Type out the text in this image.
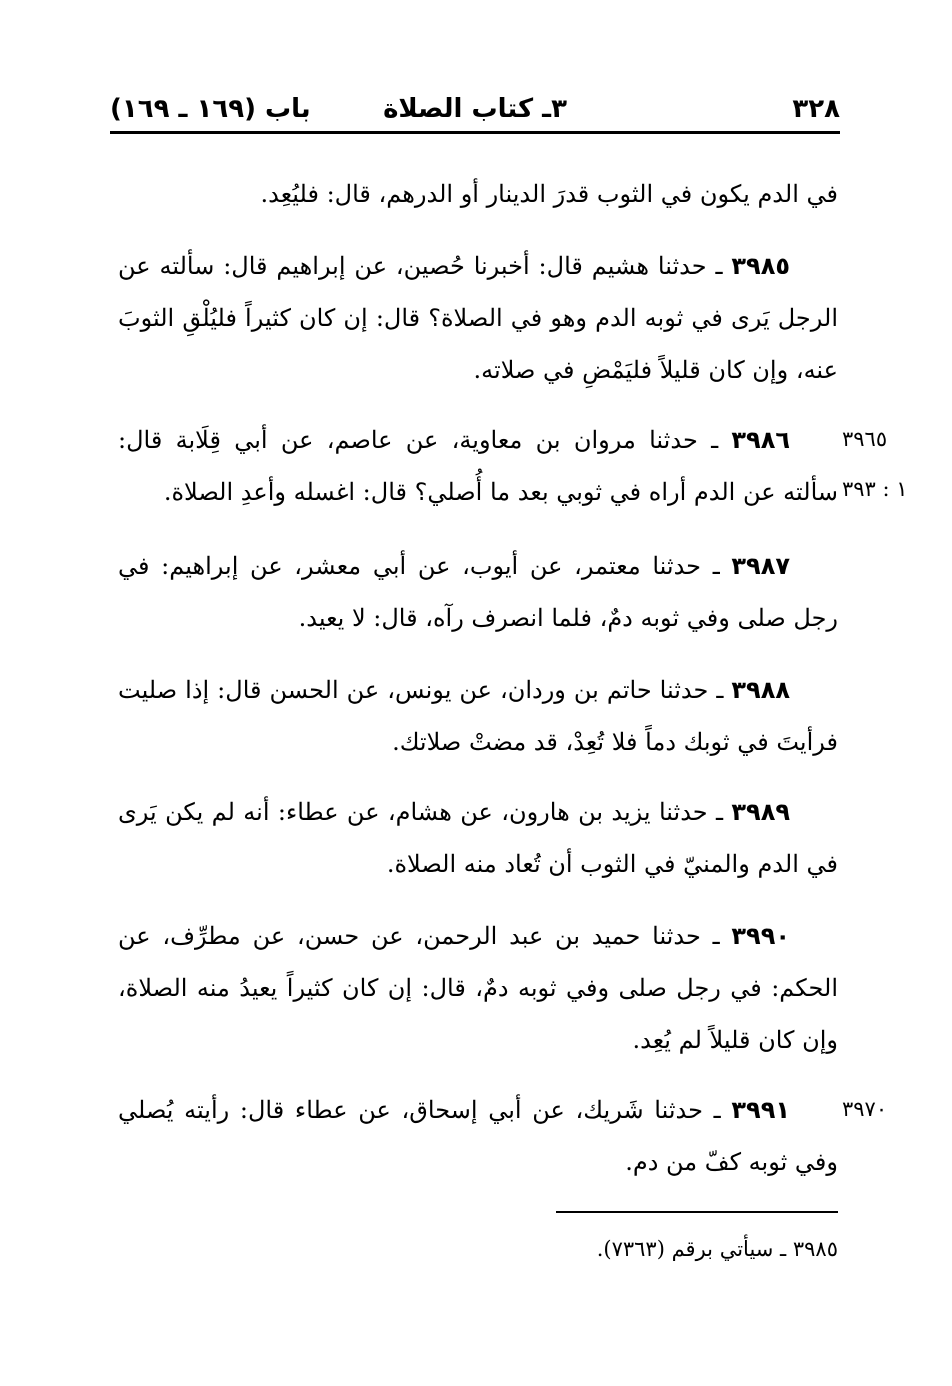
٣٢٨
٣ـ كتاب الصلاة
باب (١٦٩ ـ ١٦٩)
في الدم يكون في الثوب قدرَ الدينار أو الدرهم، قال: فليُعِد.
٣٩٨٥ ـ حدثنا هشيم قال: أخبرنا حُصين، عن إبراهيم قال: سألته عن الرجل يَرى في ثوبه الدم وهو في الصلاة؟ قال: إن كان كثيراً فليُلْقِ الثوبَ عنه، وإن كان قليلاً فليَمْضِ في صلاته.
٣٩٨٦ ـ حدثنا مروان بن معاوية، عن عاصم، عن أبي قِلَابة قال: سألته عن الدم أراه في ثوبي بعد ما أُصلي؟ قال: اغسله وأعدِ الصلاة.
٣٩٨٧ ـ حدثنا معتمر، عن أيوب، عن أبي معشر، عن إبراهيم: في رجل صلى وفي ثوبه دمٌ، فلما انصرف رآه، قال: لا يعيد.
٣٩٨٨ ـ حدثنا حاتم بن وردان، عن يونس، عن الحسن قال: إذا صليت فرأيتَ في ثوبك دماً فلا تُعِدْ، قد مضتْ صلاتك.
٣٩٨٩ ـ حدثنا يزيد بن هارون، عن هشام، عن عطاء: أنه لم يكن يَرى في الدم والمنيّ في الثوب أن تُعاد منه الصلاة.
٣٩٩٠ ـ حدثنا حميد بن عبد الرحمن، عن حسن، عن مطرِّف، عن الحكم: في رجل صلى وفي ثوبه دمٌ، قال: إن كان كثيراً يعيدُ منه الصلاة، وإن كان قليلاً لم يُعِد.
٣٩٩١ ـ حدثنا شَريك، عن أبي إسحاق، عن عطاء قال: رأيته يُصلي وفي ثوبه كفّ من دم.
٣٩٦٥
١ : ٣٩٣
٣٩٧٠
٣٩٨٥ ـ سيأتي برقم (٧٣٦٣).
